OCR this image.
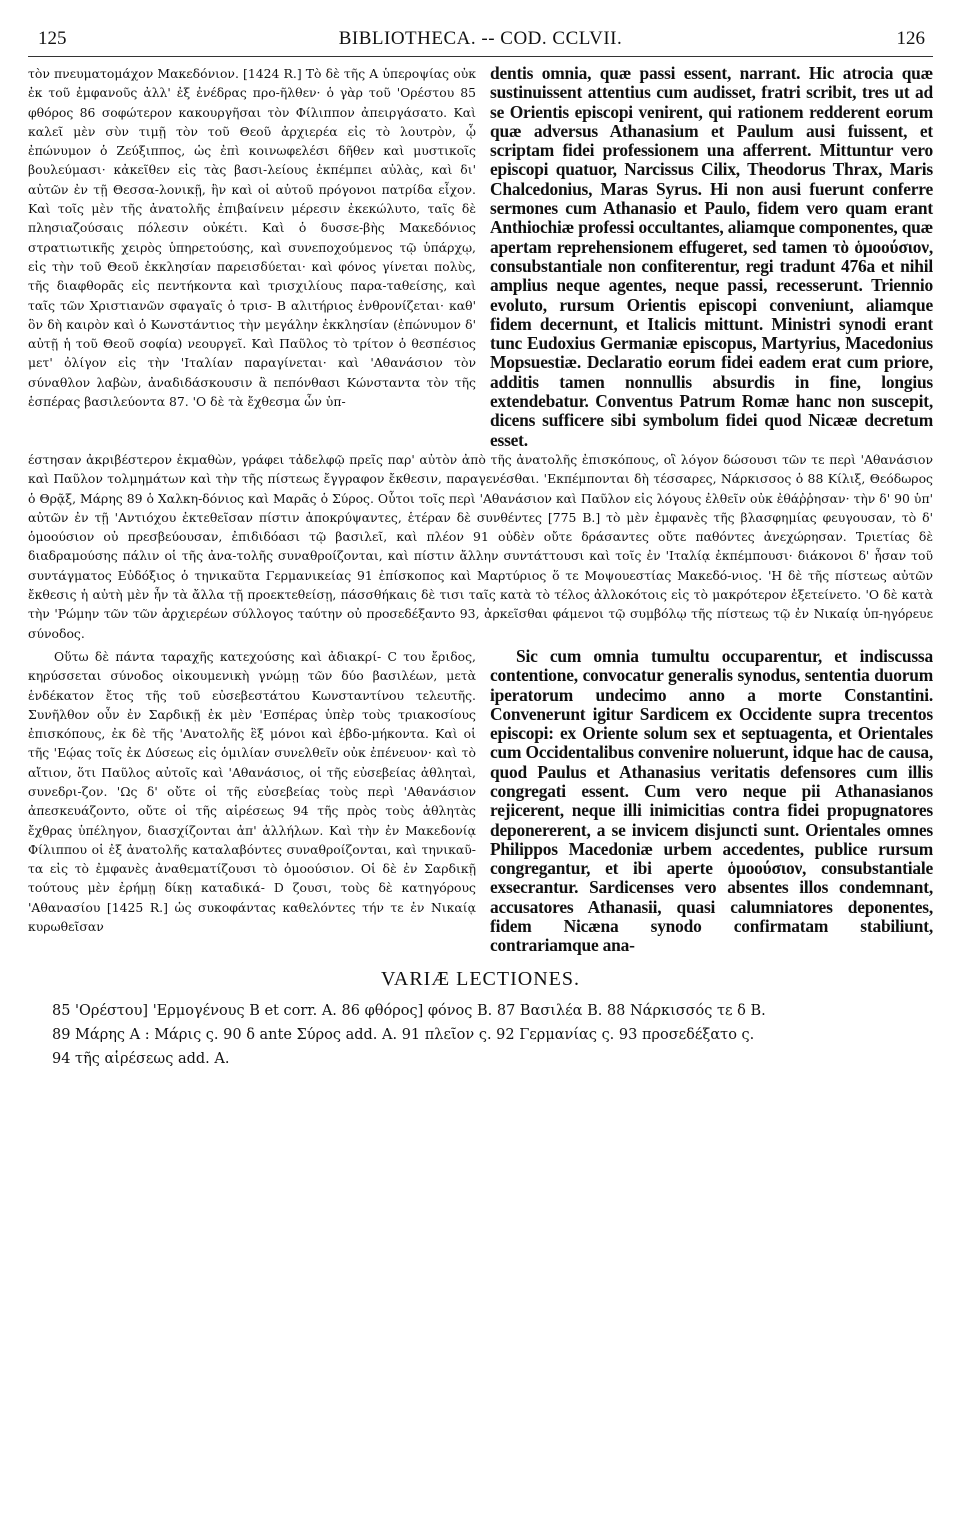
125	BIBLIOTHECA. -- COD. CCLVII.	126

τὸν πνευματομάχον Μακεδόνιον. [1424 R.] Τὸ δὲ τῆς A ὑπεροψίας οὐκ ἐκ τοῦ ἐμφανοῦς ἀλλ' ἐξ ἐνέδρας προ-ῆλθεν· ὁ γὰρ τοῦ 'Ορέστου 85 φθόρος 86 σοφώτερον κακουργῆσαι τὸν Φίλιππον ἀπειργάσατο. Καὶ καλεῖ μὲν σὺν τιμῇ τὸν τοῦ Θεοῦ ἀρχιερέα εἰς τὸ λουτρὸν, ᾧ ἐπώνυμον ὁ Ζεύξιππος, ὡς ἐπὶ κοινωφελέσι δῆθεν καὶ μυστικοῖς βουλεύμασι· κἀκεῖθεν εἰς τὰς βασι-λείους ἐκπέμπει αὐλὰς, καὶ δι' αὐτῶν ἐν τῇ Θεσσα-λονικῇ, ἣν καὶ οἱ αὐτοῦ πρόγονοι πατρίδα εἶχον. Καὶ τοῖς μὲν τῆς ἀνατολῆς ἐπιβαίνειν μέρεσιν ἐκεκώλυτο, ταῖς δὲ πλησιαζούσαις πόλεσιν οὐκέτι. Καὶ ὁ δυσσε-βὴς Μακεδόνιος στρατιωτικῆς χειρὸς ὑπηρετούσης, καὶ συνεποχούμενος τῷ ὑπάρχῳ, εἰς τὴν τοῦ Θεοῦ ἐκκλησίαν παρεισδύεται· καὶ φόνος γίνεται πολὺς, τῆς διαφθορᾶς εἰς πεντήκοντα καὶ τρισχιλίους παρα-ταθείσης, καὶ ταῖς τῶν Χριστιανῶν σφαγαῖς ὁ τρισ- B αλιτήριος ἐνθρονίζεται· καθ' ὃν δὴ καιρὸν καὶ ὁ Κωνστάντιος τὴν μεγάλην ἐκκλησίαν (ἐπώνυμον δ' αὐτῇ ἡ τοῦ Θεοῦ σοφία) νεουργεῖ. Καὶ Παῦλος τὸ τρίτον ὁ θεσπέσιος μετ' ὀλίγον εἰς τὴν 'Ιταλίαν παραγίνεται· καὶ 'Αθανάσιον τὸν σύναθλον λαβὼν, ἀναδιδάσκουσιν ἃ πεπόνθασι Κώνσταντα τὸν τῆς ἑσπέρας βασιλεύοντα 87. 'Ο δὲ τὰ ἔχθεσμα ὧν ὑπ-

dentis omnia, quæ passi essent, narrant. Hic atrocia quæ sustinuissent attentius cum audisset, fratri scribit, tres ut ad se Orientis episcopi venirent, qui rationem redderent eorum quæ adversus Athanasium et Paulum ausi fuissent, et scriptam fidei professionem una afferrent. Mittuntur vero episcopi quatuor, Narcissus Cilix, Theodorus Thrax, Maris Chalcedonius, Maras Syrus. Hi non ausi fuerunt conferre sermones cum Athanasio et Paulo, fidem vero quam erant Anthiochiæ professi occultantes, aliamque componentes, quæ apertam reprehensionem effugeret, sed tamen τὸ ὁμοούσιον, consubstantiale non confiterentur, regi tradunt 476a et nihil amplius neque agentes, neque passi, recesserunt. Triennio evoluto, rursum Orientis episcopi conveniunt, aliamque fidem decernunt, et Italicis mittunt. Ministri synodi erant tunc Eudoxius Germaniæ episcopus, Martyrius, Macedonius Mopsuestiæ. Declaratio eorum fidei eadem erat cum priore, additis tamen nonnullis absurdis in fine, longius extendebatur. Conventus Patrum Romæ hanc non suscepit, dicens sufficere sibi symbolum fidei quod Nicææ decretum esset.

έστησαν ἀκριβέστερον ἐκμαθὼν, γράφει τἀδελφῷ πρεῖς παρ' αὐτὸν ἀπὸ τῆς ἀνατολῆς ἐπισκόπους, οἳ λόγον δώσουσι τῶν τε περὶ 'Αθανάσιον καὶ Παῦλον τολμημάτων καὶ τὴν τῆς πίστεως ἔγγραφον ἔκθεσιν, παραγενέσθαι. 'Εκπέμπονται δὴ τέσσαρες, Νάρκισσος ὁ 88 Κίλιξ, Θεόδωρος ὁ Θρᾷξ, Μάρης 89 ὁ Χαλκη-δόνιος καὶ Μαρᾶς ὁ Σύρος. Οὗτοι τοῖς περὶ 'Αθανάσιον καὶ Παῦλον εἰς λόγους ἐλθεῖν οὐκ ἐθάῤῥησαν· τὴν δ' 90 ὑπ' αὐτῶν ἐν τῇ 'Αντιόχου ἐκτεθεῖσαν πίστιν ἀποκρύψαντες, ἑτέραν δὲ συνθέντες [775 B.] τὸ μὲν ἐμφανὲς τῆς βλασφημίας φευγουσαν, τὸ δ' ὁμοούσιον οὐ πρεσβεύουσαν, ἐπιδιδόασι τῷ βασιλεῖ, καὶ πλέον 91 οὐδὲν οὔτε δράσαντες οὔτε παθόντες ἀνεχώρησαν. Τριετίας δὲ διαδραμούσης πάλιν οἱ τῆς ἀνα-τολῆς συναθροίζονται, καὶ πίστιν ἄλλην συντάττουσι καὶ τοῖς ἐν 'Ιταλίᾳ ἐκπέμπουσι· διάκονοι δ' ἦσαν τοῦ συντάγματος Εὐδόξιος ὁ τηνικαῦτα Γερμανικείας 91 ἐπίσκοπος καὶ Μαρτύριος ὅ τε Μοψουεστίας Μακεδό-νιος. 'Η δὲ τῆς πίστεως αὐτῶν ἔκθεσις ἡ αὐτὴ μὲν ἦν τὰ ἄλλα τῇ προεκτεθείσῃ, πάσσθήκαις δὲ τισι ταῖς κατὰ τὸ τέλος ἀλλοκότοις εἰς τὸ μακρότερον ἐξετείνετο. 'Ο δὲ κατὰ τὴν 'Ρώμην τῶν τῶν ἀρχιερέων σύλλογος ταύτην οὐ προσεδέξαντο 93, ἀρκεῖσθαι φάμενοι τῷ συμβόλῳ τῆς πίστεως τῷ ἐν Νικαίᾳ ὑπ-ηγόρευε σύνοδος.

Οὕτω δὲ πάντα ταραχῆς κατεχούσης καὶ ἀδιακρί- C του ἔριδος, κηρύσσεται σύνοδος οἰκουμενικὴ γνώμῃ τῶν δύο βασιλέων, μετὰ ἑνδέκατον ἔτος τῆς τοῦ εὐσεβεστάτου Κωνσταντίνου τελευτῆς. Συνῆλθον οὖν ἐν Σαρδικῇ ἐκ μὲν 'Εσπέρας ὑπὲρ τοὺς τριακοσίους ἐπισκόπους, ἐκ δὲ τῆς 'Ανατολῆς ἓξ μόνοι καὶ ἑβδο-μήκοντα. Καὶ οἱ τῆς 'Εῴας τοῖς ἐκ Δύσεως εἰς ὁμιλίαν συνελθεῖν οὐκ ἐπένευον· καὶ τὸ αἴτιον, ὅτι Παῦλος αὐτοῖς καὶ 'Αθανάσιος, οἱ τῆς εὐσεβείας ἀθληταὶ, συνεδρι-ζον. 'Ως δ' οὔτε οἱ τῆς εὐσεβείας τοὺς περὶ 'Αθανάσιον ἀπεσκευάζοντο, οὔτε οἱ τῆς αἱρέσεως 94 τῆς πρὸς τοὺς ἀθλητὰς ἔχθρας ὑπέληγον, διασχίζονται ἀπ' ἀλλήλων. Καὶ τὴν ἐν Μακεδονίᾳ Φίλιππου οἱ ἐξ ἀνατολῆς καταλαβόντες συναθροίζονται, καὶ τηνικαῦ-τα εἰς τὸ ἐμφανὲς ἀναθεματίζουσι τὸ ὁμοούσιον. Οἱ δὲ ἐν Σαρδικῇ τούτους μὲν ἐρήμῃ δίκῃ καταδικά- D ζουσι, τοὺς δὲ κατηγόρους 'Αθανασίου [1425 R.] ὡς συκοφάντας καθελόντες τήν τε ἐν Νικαίᾳ κυρωθεῖσαν

Sic cum omnia tumultu occuparentur, et indiscussa contentione, convocatur generalis synodus, sententia duorum iperatorum undecimo anno a morte Constantini. Convenerunt igitur Sardicem ex Occidente supra trecentos episcopi: ex Oriente solum sex et septuagenta, et Orientales cum Occidentalibus convenire noluerunt, idque hac de causa, quod Paulus et Athanasius veritatis defensores cum illis congregati essent. Cum vero neque pii Athanasianos rejicerent, neque illi inimicitias contra fidei propugnatores deponererent, a se invicem disjuncti sunt. Orientales omnes Philippos Macedoniæ urbem accedentes, publice rursum congregantur, et ibi aperte ὁμοούσιον, consubstantiale exsecrantur. Sardicenses vero absentes illos condemnant, accusatores Athanasii, quasi calumniatores deponentes, fidem Nicæna synodo confirmatam stabiliunt, contrariamque ana-

VARIÆ LECTIONES.

85 'Ορέστου] 'Ερμογένους B et corr. A. 86 φθόρος] φόνος B. 87 Βασιλέα B. 88 Νάρκισσός τε δ B.

89 Μάρης A : Μάρις ς. 90 δ ante Σύρος add. A. 91 πλεῖον ς. 92 Γερμανίας ς. 93 προσεδέξατο ς.

94 τῆς αἱρέσεως add. A.
